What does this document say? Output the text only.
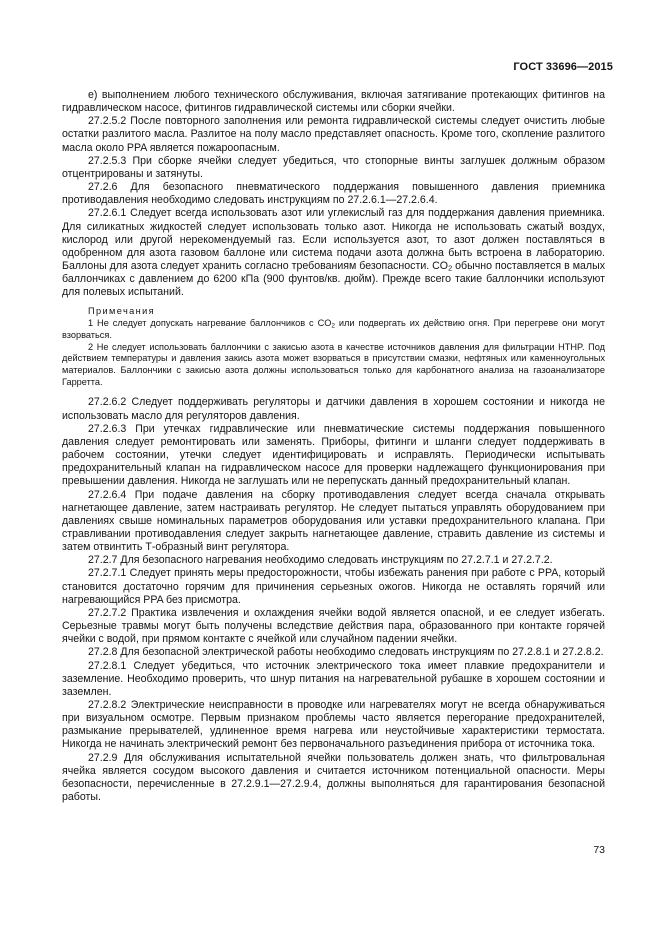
ГОСТ 33696—2015

e) выполнением любого технического обслуживания, включая затягивание протекающих фитингов на гидравлическом насосе, фитингов гидравлической системы или сборки ячейки.

27.2.5.2 После повторного заполнения или ремонта гидравлической системы следует очистить любые остатки разлитого масла. Разлитое на полу масло представляет опасность. Кроме того, скопление разлитого масла около PPA является пожароопасным.

27.2.5.3 При сборке ячейки следует убедиться, что стопорные винты заглушек должным образом отцентрированы и затянуты.

27.2.6 Для безопасного пневматического поддержания повышенного давления приемника противодавления необходимо следовать инструкциям по 27.2.6.1—27.2.6.4.

27.2.6.1 Следует всегда использовать азот или углекислый газ для поддержания давления приемника. Для силикатных жидкостей следует использовать только азот. Никогда не использовать сжатый воздух, кислород или другой нерекомендуемый газ. Если используется азот, то азот должен поставляться в одобренном для азота газовом баллоне или система подачи азота должна быть встроена в лабораторию. Баллоны для азота следует хранить согласно требованиям безопасности. $CO_2$ обычно поставляется в малых баллончиках с давлением до 6200 кПа (900 фунтов/кв. дюйм). Прежде всего такие баллончики используют для полевых испытаний.

Примечания

1 Не следует допускать нагревание баллончиков с $CO_2$ или подвергать их действию огня. При перегреве они могут взорваться.

2 Не следует использовать баллончики с закисью азота в качестве источников давления для фильтрации HTHP. Под действием температуры и давления закись азота может взорваться в присутствии смазки, нефтяных или каменноугольных материалов. Баллончики с закисью азота должны использоваться только для карбонатного анализа на газоанализаторе Гарретта.

27.2.6.2 Следует поддерживать регуляторы и датчики давления в хорошем состоянии и никогда не использовать масло для регуляторов давления.

27.2.6.3 При утечках гидравлические или пневматические системы поддержания повышенного давления следует ремонтировать или заменять. Приборы, фитинги и шланги следует поддерживать в рабочем состоянии, утечки следует идентифицировать и исправлять. Периодически испытывать предохранительный клапан на гидравлическом насосе для проверки надлежащего функционирования при превышении давления. Никогда не заглушать или не перепускать данный предохранительный клапан.

27.2.6.4 При подаче давления на сборку противодавления следует всегда сначала открывать нагнетающее давление, затем настраивать регулятор. Не следует пытаться управлять оборудованием при давлениях свыше номинальных параметров оборудования или уставки предохранительного клапана. При стравливании противодавления следует закрыть нагнетающее давление, стравить давление из системы и затем отвинтить Т-образный винт регулятора.

27.2.7 Для безопасного нагревания необходимо следовать инструкциям по 27.2.7.1 и 27.2.7.2.

27.2.7.1 Следует принять меры предосторожности, чтобы избежать ранения при работе с PPA, который становится достаточно горячим для причинения серьезных ожогов. Никогда не оставлять горячий или нагревающийся PPA без присмотра.

27.2.7.2 Практика извлечения и охлаждения ячейки водой является опасной, и ее следует избегать. Серьезные травмы могут быть получены вследствие действия пара, образованного при контакте горячей ячейки с водой, при прямом контакте с ячейкой или случайном падении ячейки.

27.2.8 Для безопасной электрической работы необходимо следовать инструкциям по 27.2.8.1 и 27.2.8.2.

27.2.8.1 Следует убедиться, что источник электрического тока имеет плавкие предохранители и заземление. Необходимо проверить, что шнур питания на нагревательной рубашке в хорошем состоянии и заземлен.

27.2.8.2 Электрические неисправности в проводке или нагревателях могут не всегда обнаруживаться при визуальном осмотре. Первым признаком проблемы часто является перегорание предохранителей, размыкание прерывателей, удлиненное время нагрева или неустойчивые характеристики термостата. Никогда не начинать электрический ремонт без первоначального разъединения прибора от источника тока.

27.2.9 Для обслуживания испытательной ячейки пользователь должен знать, что фильтровальная ячейка является сосудом высокого давления и считается источником потенциальной опасности. Меры безопасности, перечисленные в 27.2.9.1—27.2.9.4, должны выполняться для гарантирования безопасной работы.

73
